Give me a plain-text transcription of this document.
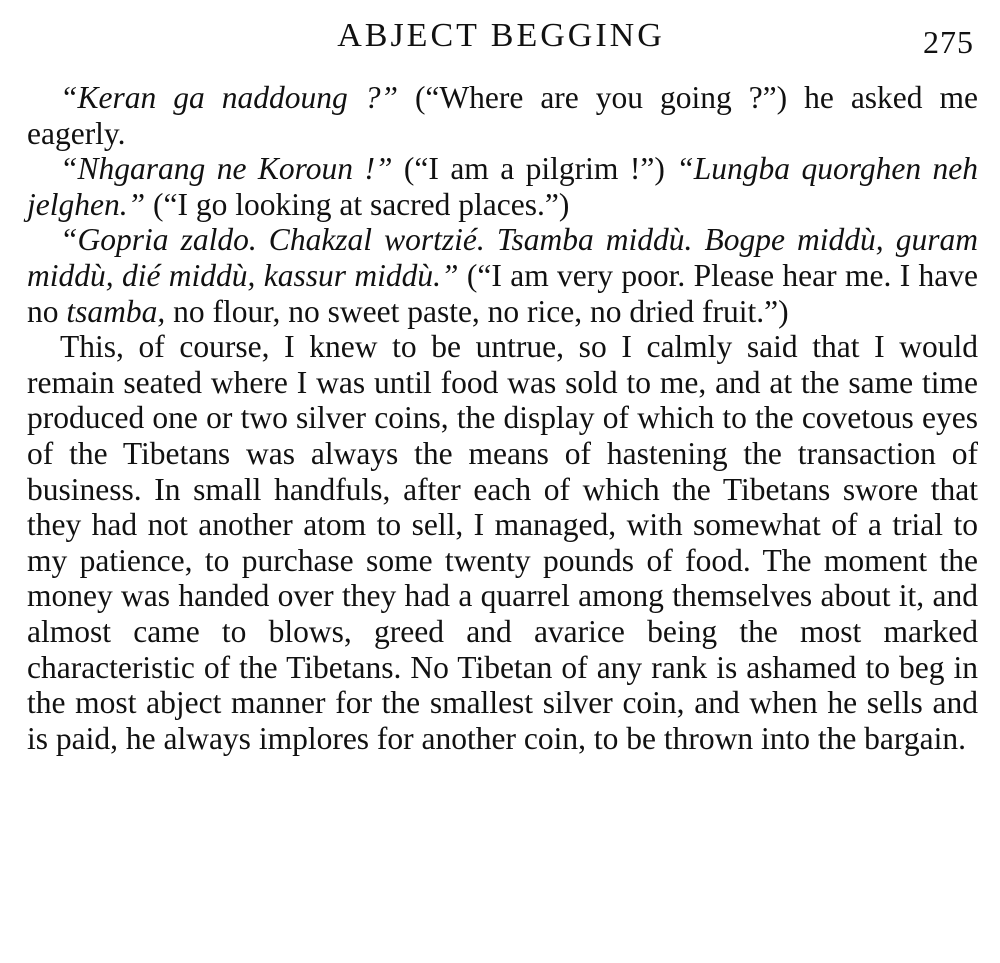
ABJECT BEGGING	275

“Keran ga naddoung ?” (“Where are you going ?”) he asked me eagerly.

“Nhgarang ne Koroun !” (“I am a pilgrim !”) “Lungba quorghen neh jelghen.” (“I go looking at sacred places.”)

“Gopria zaldo. Chakzal wortzié. Tsamba middù. Bogpe middù, guram middù, dié middù, kassur middù.” (“I am very poor. Please hear me. I have no tsamba, no flour, no sweet paste, no rice, no dried fruit.”)

This, of course, I knew to be untrue, so I calmly said that I would remain seated where I was until food was sold to me, and at the same time produced one or two silver coins, the display of which to the covetous eyes of the Tibetans was always the means of hastening the transaction of business. In small handfuls, after each of which the Tibetans swore that they had not another atom to sell, I managed, with somewhat of a trial to my patience, to purchase some twenty pounds of food. The moment the money was handed over they had a quarrel among themselves about it, and almost came to blows, greed and avarice being the most marked characteristic of the Tibetans. No Tibetan of any rank is ashamed to beg in the most abject manner for the smallest silver coin, and when he sells and is paid, he always implores for another coin, to be thrown into the bargain.
